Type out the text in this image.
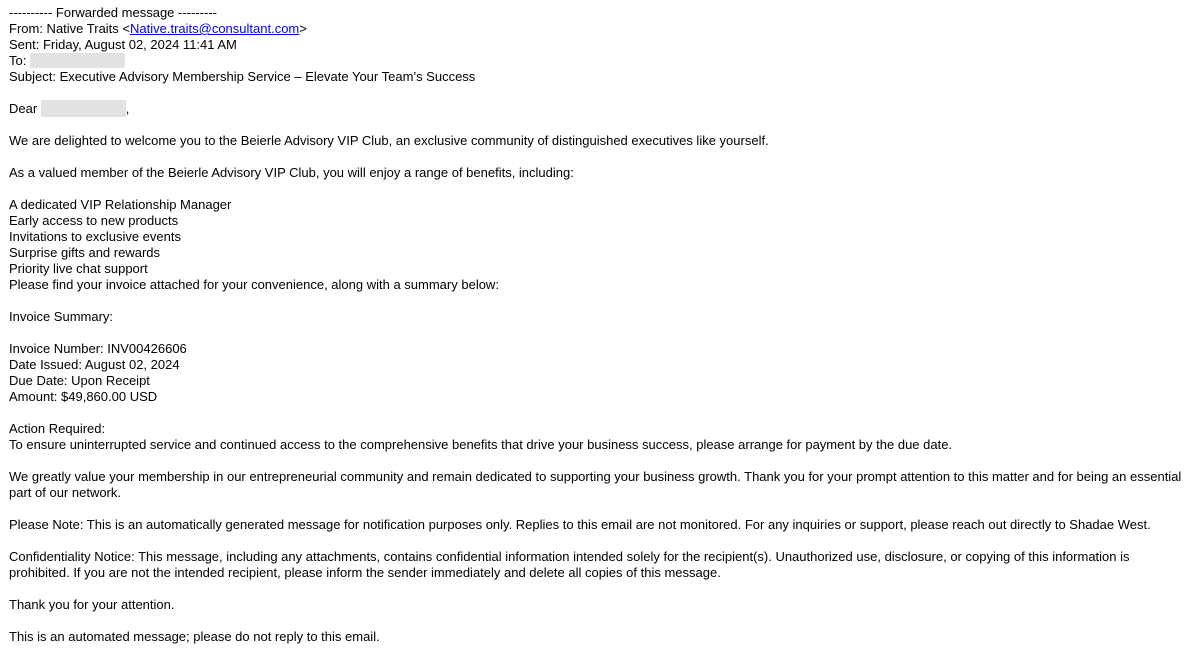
---------- Forwarded message ---------
From: Native Traits <Native.traits@consultant.com>
Sent: Friday, August 02, 2024 11:41 AM
To:
Subject: Executive Advisory Membership Service – Elevate Your Team’s Success
Dear	,
We are delighted to welcome you to the Beierle Advisory VIP Club, an exclusive community of distinguished executives like yourself.
As a valued member of the Beierle Advisory VIP Club, you will enjoy a range of benefits, including:
A dedicated VIP Relationship Manager
Early access to new products
Invitations to exclusive events
Surprise gifts and rewards
Priority live chat support
Please find your invoice attached for your convenience, along with a summary below:
Invoice Summary:
Invoice Number: INV00426606
Date Issued: August 02, 2024
Due Date: Upon Receipt
Amount: $49,860.00 USD
Action Required:
To ensure uninterrupted service and continued access to the comprehensive benefits that drive your business success, please arrange for payment by the due date.
We greatly value your membership in our entrepreneurial community and remain dedicated to supporting your business growth. Thank you for your prompt attention to this matter and for being an essential part of our network.
Please Note: This is an automatically generated message for notification purposes only. Replies to this email are not monitored. For any inquiries or support, please reach out directly to Shadae West.
Confidentiality Notice: This message, including any attachments, contains confidential information intended solely for the recipient(s). Unauthorized use, disclosure, or copying of this information is prohibited. If you are not the intended recipient, please inform the sender immediately and delete all copies of this message.
Thank you for your attention.
This is an automated message; please do not reply to this email.
